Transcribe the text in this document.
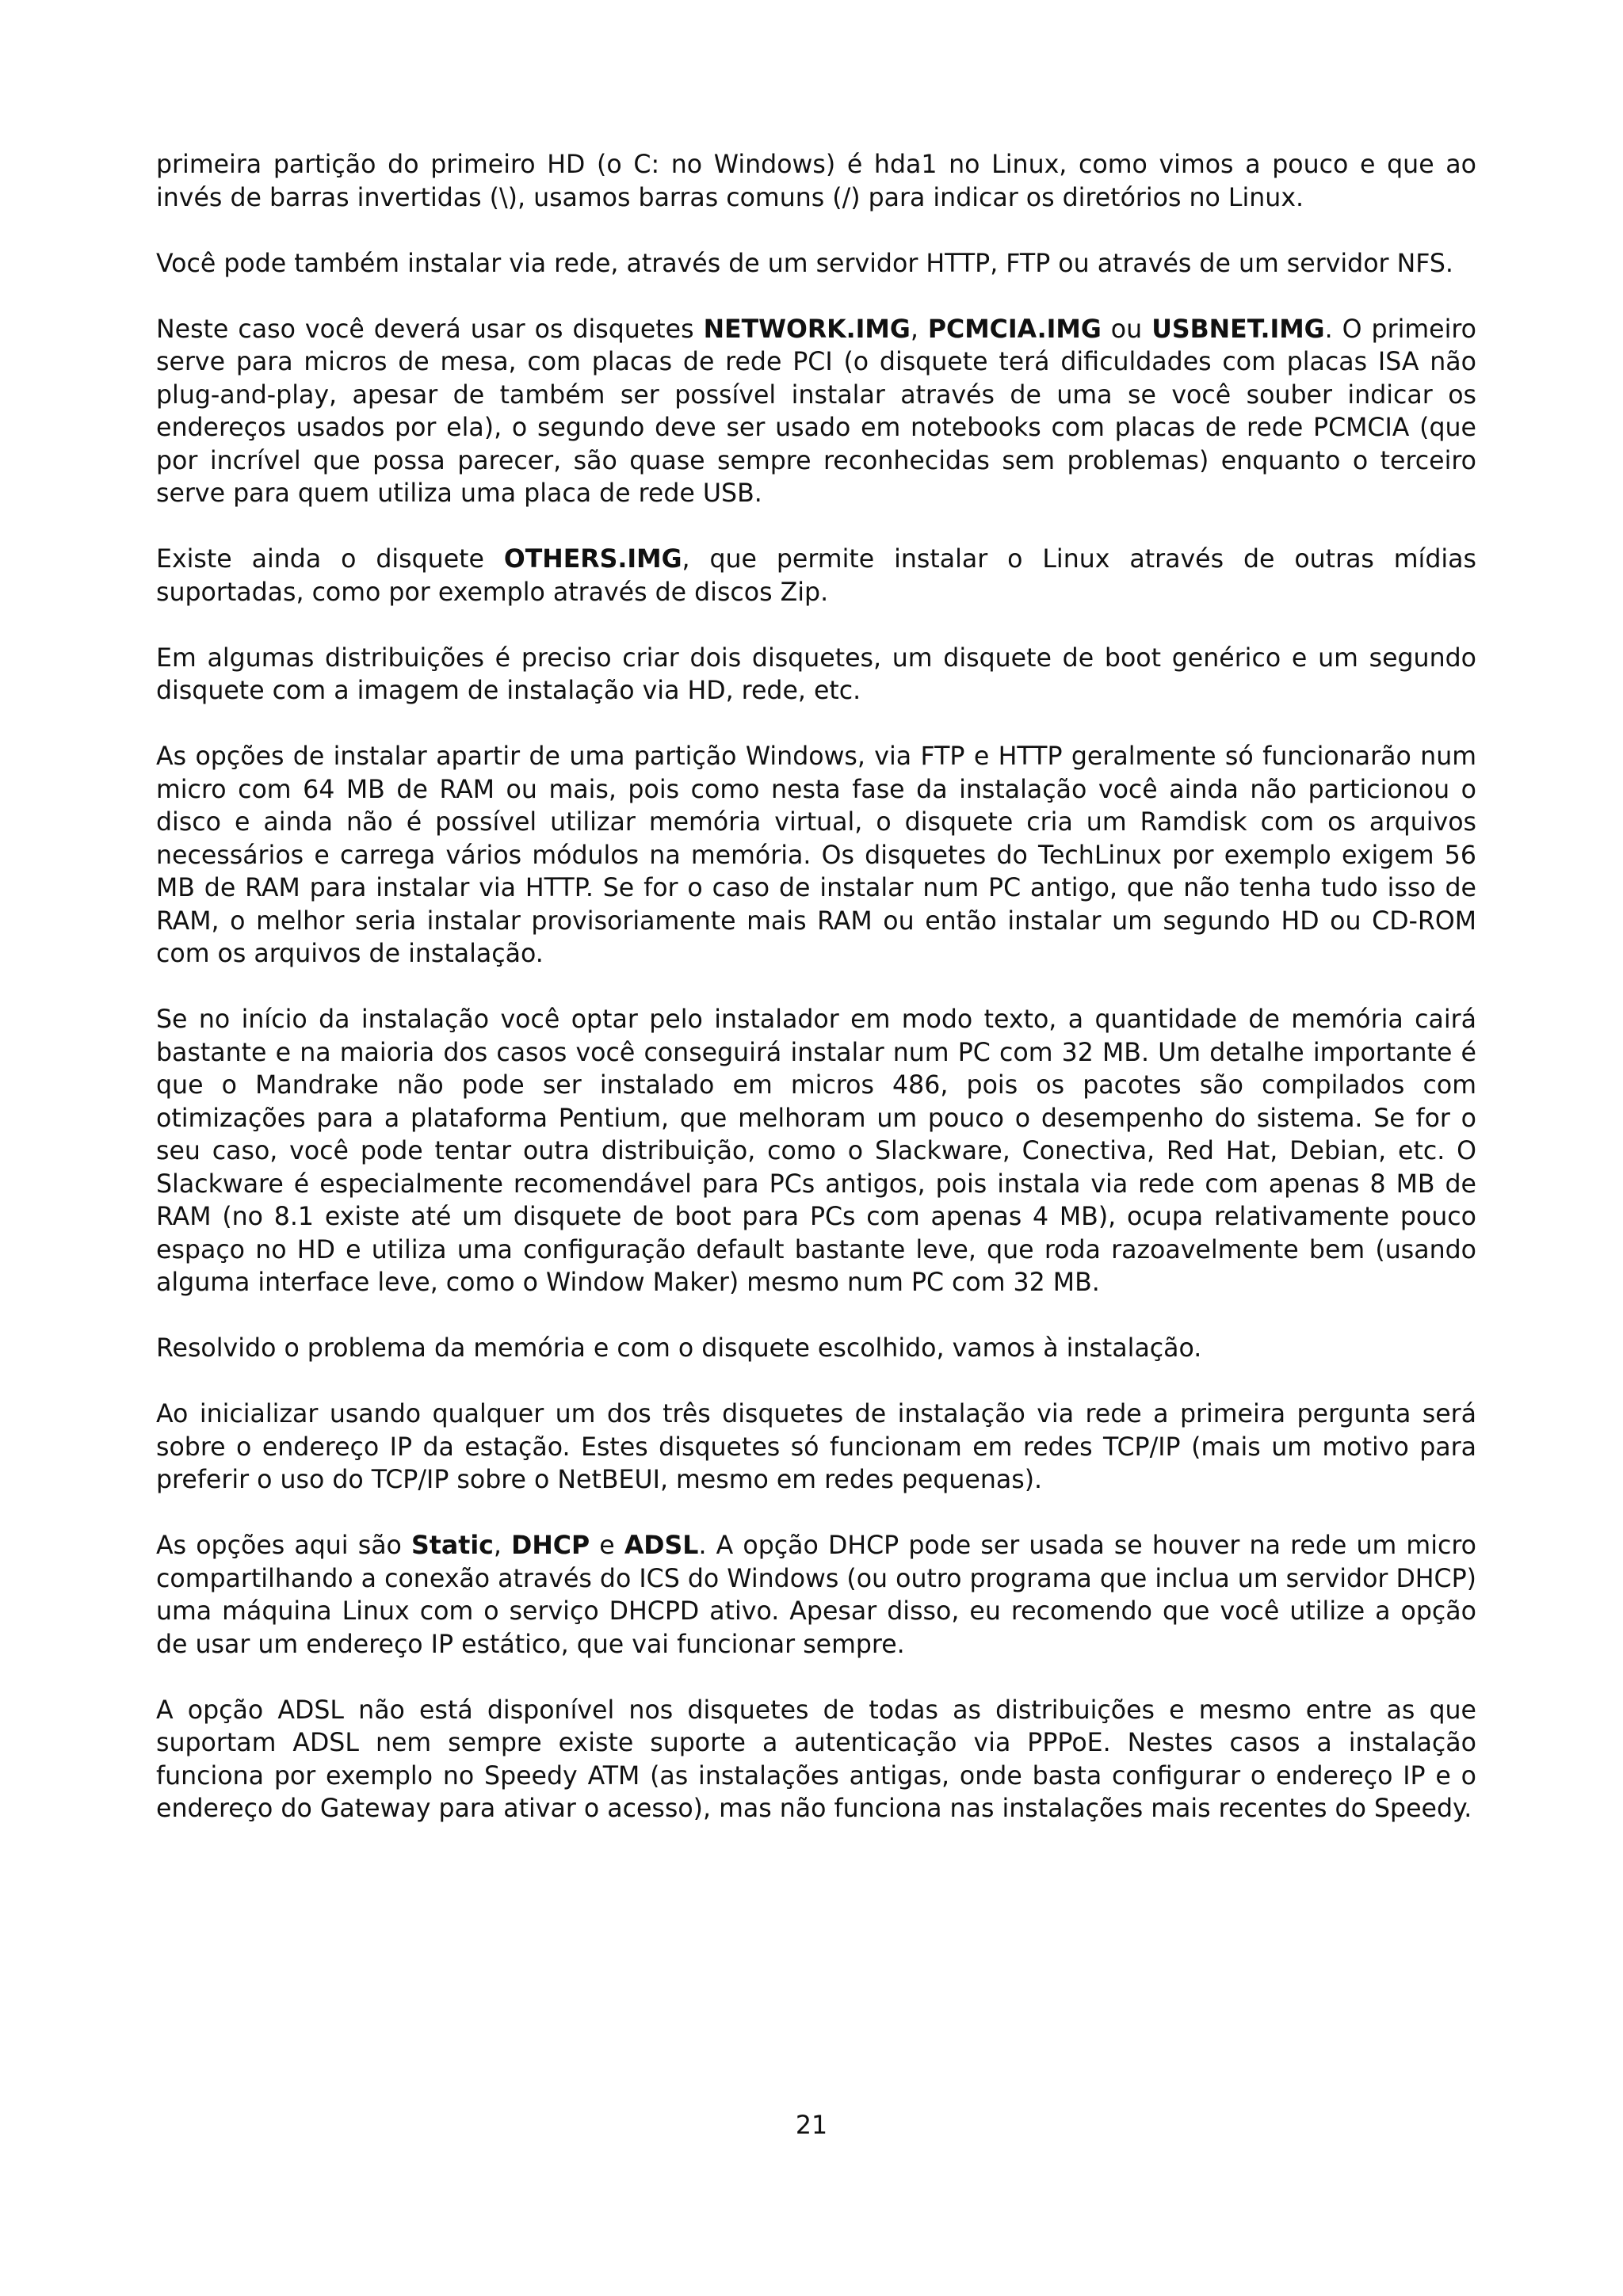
primeira partição do primeiro HD (o C: no Windows) é hda1 no Linux, como vimos a pouco e que ao invés de barras invertidas (\), usamos barras comuns (/) para indicar os diretórios no Linux.

Você pode também instalar via rede, através de um servidor HTTP, FTP ou através de um servidor NFS.

Neste caso você deverá usar os disquetes NETWORK.IMG, PCMCIA.IMG ou USBNET.IMG. O primeiro serve para micros de mesa, com placas de rede PCI (o disquete terá dificuldades com placas ISA não plug-and-play, apesar de também ser possível instalar através de uma se você souber indicar os endereços usados por ela), o segundo deve ser usado em notebooks com placas de rede PCMCIA (que por incrível que possa parecer, são quase sempre reconhecidas sem problemas) enquanto o terceiro serve para quem utiliza uma placa de rede USB.

Existe ainda o disquete OTHERS.IMG, que permite instalar o Linux através de outras mídias suportadas, como por exemplo através de discos Zip.

Em algumas distribuições é preciso criar dois disquetes, um disquete de boot genérico e um segundo disquete com a imagem de instalação via HD, rede, etc.

As opções de instalar apartir de uma partição Windows, via FTP e HTTP geralmente só funcionarão num micro com 64 MB de RAM ou mais, pois como nesta fase da instalação você ainda não particionou o disco e ainda não é possível utilizar memória virtual, o disquete cria um Ramdisk com os arquivos necessários e carrega vários módulos na memória. Os disquetes do TechLinux por exemplo exigem 56 MB de RAM para instalar via HTTP. Se for o caso de instalar num PC antigo, que não tenha tudo isso de RAM, o melhor seria instalar provisoriamente mais RAM ou então instalar um segundo HD ou CD-ROM com os arquivos de instalação.

Se no início da instalação você optar pelo instalador em modo texto, a quantidade de memória cairá bastante e na maioria dos casos você conseguirá instalar num PC com 32 MB. Um detalhe importante é que o Mandrake não pode ser instalado em micros 486, pois os pacotes são compilados com otimizações para a plataforma Pentium, que melhoram um pouco o desempenho do sistema. Se for o seu caso, você pode tentar outra distribuição, como o Slackware, Conectiva, Red Hat, Debian, etc. O Slackware é especialmente recomendável para PCs antigos, pois instala via rede com apenas 8 MB de RAM (no 8.1 existe até um disquete de boot para PCs com apenas 4 MB), ocupa relativamente pouco espaço no HD e utiliza uma configuração default bastante leve, que roda razoavelmente bem (usando alguma interface leve, como o Window Maker) mesmo num PC com 32 MB.

Resolvido o problema da memória e com o disquete escolhido, vamos à instalação.

Ao inicializar usando qualquer um dos três disquetes de instalação via rede a primeira pergunta será sobre o endereço IP da estação. Estes disquetes só funcionam em redes TCP/IP (mais um motivo para preferir o uso do TCP/IP sobre o NetBEUI, mesmo em redes pequenas).

As opções aqui são Static, DHCP e ADSL. A opção DHCP pode ser usada se houver na rede um micro compartilhando a conexão através do ICS do Windows (ou outro programa que inclua um servidor DHCP) uma máquina Linux com o serviço DHCPD ativo. Apesar disso, eu recomendo que você utilize a opção de usar um endereço IP estático, que vai funcionar sempre.

A opção ADSL não está disponível nos disquetes de todas as distribuições e mesmo entre as que suportam ADSL nem sempre existe suporte a autenticação via PPPoE. Nestes casos a instalação funciona por exemplo no Speedy ATM (as instalações antigas, onde basta configurar o endereço IP e o endereço do Gateway para ativar o acesso), mas não funciona nas instalações mais recentes do Speedy.

21
